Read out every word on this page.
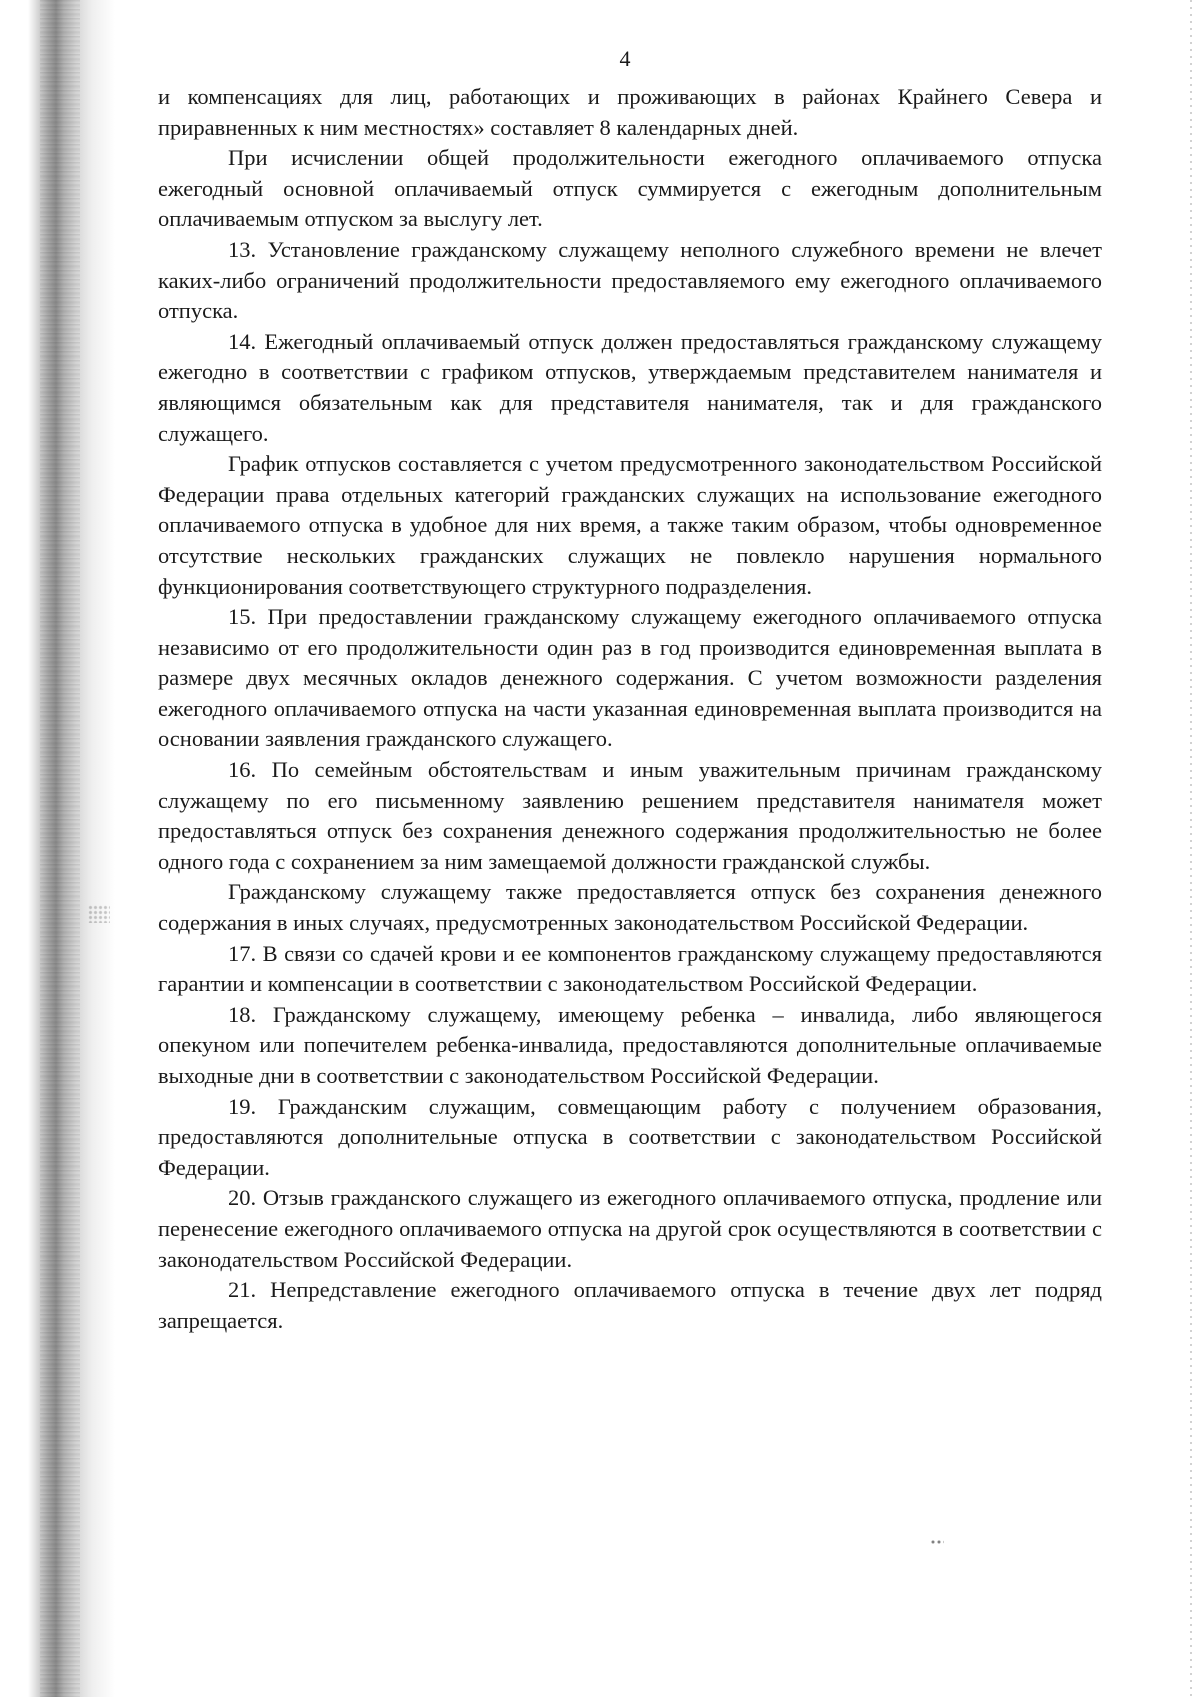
4

и компенсациях для лиц, работающих и проживающих в районах Крайнего Севера и приравненных к ним местностях» составляет 8 календарных дней.

При исчислении общей продолжительности ежегодного оплачиваемого отпуска ежегодный основной оплачиваемый отпуск суммируется с ежегодным дополнительным оплачиваемым отпуском за выслугу лет.

13. Установление гражданскому служащему неполного служебного времени не влечет каких-либо ограничений продолжительности предоставляемого ему ежегодного оплачиваемого отпуска.

14. Ежегодный оплачиваемый отпуск должен предоставляться гражданскому служащему ежегодно в соответствии с графиком отпусков, утверждаемым представителем нанимателя и являющимся обязательным как для представителя нанимателя, так и для гражданского служащего.

График отпусков составляется с учетом предусмотренного законодательством Российской Федерации права отдельных категорий гражданских служащих на использование ежегодного оплачиваемого отпуска в удобное для них время, а также таким образом, чтобы одновременное отсутствие нескольких гражданских служащих не повлекло нарушения нормального функционирования соответствующего структурного подразделения.

15. При предоставлении гражданскому служащему ежегодного оплачиваемого отпуска независимо от его продолжительности один раз в год производится единовременная выплата в размере двух месячных окладов денежного содержания. С учетом возможности разделения ежегодного оплачиваемого отпуска на части указанная единовременная выплата производится на основании заявления гражданского служащего.

16. По семейным обстоятельствам и иным уважительным причинам гражданскому служащему по его письменному заявлению решением представителя нанимателя может предоставляться отпуск без сохранения денежного содержания продолжительностью не более одного года с сохранением за ним замещаемой должности гражданской службы.

Гражданскому служащему также предоставляется отпуск без сохранения денежного содержания в иных случаях, предусмотренных законодательством Российской Федерации.

17. В связи со сдачей крови и ее компонентов гражданскому служащему предоставляются гарантии и компенсации в соответствии с законодательством Российской Федерации.

18. Гражданскому служащему, имеющему ребенка – инвалида, либо являющегося опекуном или попечителем ребенка-инвалида, предоставляются дополнительные оплачиваемые выходные дни в соответствии с законодательством Российской Федерации.

19. Гражданским служащим, совмещающим работу с получением образования, предоставляются дополнительные отпуска в соответствии с законодательством Российской Федерации.

20. Отзыв гражданского служащего из ежегодного оплачиваемого отпуска, продление или перенесение ежегодного оплачиваемого отпуска на другой срок осуществляются в соответствии с законодательством Российской Федерации.

21. Непредставление ежегодного оплачиваемого отпуска в течение двух лет подряд запрещается.
